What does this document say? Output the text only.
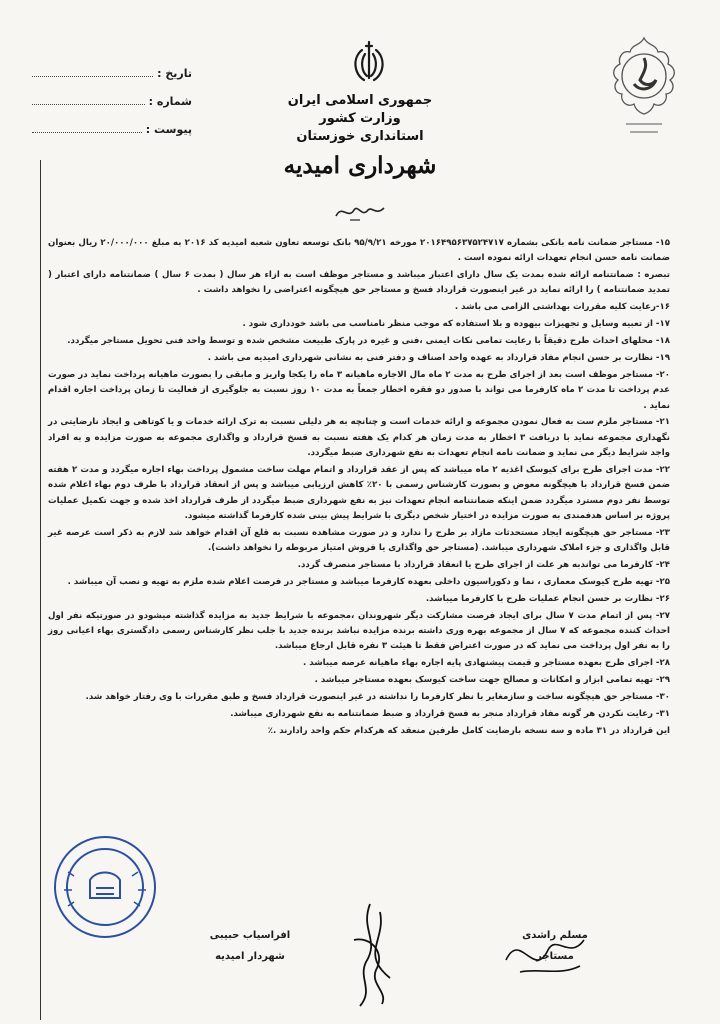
تاریخ :
شماره :
پیوست :
جمهوری اسلامی ایران
وزارت کشور
استانداری خوزستان
شهرداری امیدیه

۱۵- مستاجر ضمانت نامه بانکی بشماره ۲۰۱۶۴۹۵۶۳۷۵۲۴۷۱۷ مورخه ۹۵/۹/۲۱ بانک توسعه تعاون شعبه امیدیه کد ۲۰۱۶ به مبلغ ۲۰/۰۰۰/۰۰۰ ریال بعنوان ضمانت نامه حسن انجام تعهدات ارائه نموده است .

تبصره : ضمانتنامه ارائه شده بمدت یک سال دارای اعتبار میباشد و مستاجر موظف است به ازاء هر سال ( بمدت ۶ سال ) ضمانتنامه دارای اعتبار ( تمدید ضمانتنامه ) را ارائه نماید در غیر اینصورت قرارداد فسخ و مستاجر حق هیچگونه اعتراضی را نخواهد داشت .

۱۶-رعایت کلیه مقررات بهداشتی الزامی می باشد .

۱۷- از تعبیه وسایل و تجهیزات بیهوده و بلا استفاده که موجب منظر نامناسب می باشد خودداری شود .

۱۸- محلهای احداث طرح دقیقاً با رعایت تمامی نکات ایمنی ،فنی و غیره در پارک طبیعت مشخص شده و توسط واحد فنی تحویل مستاجر میگردد.

۱۹- نظارت بر حسن انجام مفاد قرارداد به عهده واحد اصناف و دفتر فنی به نشانی شهرداری امیدیه می باشد .

۲۰- مستاجر موظف است بعد از اجرای طرح به مدت ۲ ماه مال الاجاره ماهیانه ۳ ماه را یکجا واریز و مابقی را بصورت ماهیانه پرداخت نماید در صورت عدم پرداخت تا مدت ۲ ماه کارفرما می تواند با صدور دو فقره اخطار جمعاً به مدت ۱۰ روز نسبت به جلوگیری از فعالیت تا زمان پرداخت اجاره اقدام نماید .

۲۱- مستاجر ملزم ست به فعال نمودن مجموعه و ارائه خدمات است و چنانچه به هر دلیلی نسبت به ترک ارائه خدمات و یا کوتاهی و ایجاد نارضایتی در نگهداری مجموعه نماید با دریافت ۳ اخطار به مدت زمان هر کدام یک هفته نسبت به فسخ قرارداد و واگذاری مجموعه به صورت مزایده و به افراد واجد شرایط دیگر می نماید و ضمانت نامه انجام تعهدات به نفع شهرداری ضبط میگردد.

۲۲- مدت اجرای طرح برای کیوسک اغذیه ۲ ماه میباشد که پس از عقد قرارداد و اتمام مهلت ساخت مشمول پرداخت بهاء اجاره میگردد و مدت ۲ هفته ضمن فسخ قرارداد با هیچگونه معوض و بصورت کارشناس رسمی با ۲۰٪ کاهش ارزیابی میباشد و پس از انعقاد قرارداد با طرف دوم بهاء اعلام شده توسط نفر دوم مسترد میگردد ضمن اینکه ضمانتنامه انجام تعهدات نیز به نفع شهرداری ضبط میگردد از طرف قرارداد اخذ شده و جهت تکمیل عملیات پروژه بر اساس هدفمندی به صورت مزایده در اختیار شخص دیگری با شرایط پیش بینی شده کارفرما گذاشته میشود.

۲۳- مستاجر حق هیچگونه ایجاد مستحدثات مازاد بر طرح را ندارد و در صورت مشاهده نسبت به قلع آن اقدام خواهد شد لازم به ذکر است عرصه غیر قابل واگذاری و جزء املاک شهرداری میباشد. (مستاجر حق واگذاری یا فروش امتیاز مربوطه را نخواهد داشت).

۲۴- کارفرما می تواندبه هر علت از اجرای طرح یا انعقاد قرارداد با مستاجر منصرف گردد.

۲۵- تهیه طرح کیوسک معماری ، نما و دکوراسیون داخلی بعهده کارفرما میباشد و مستاجر در فرصت اعلام شده ملزم به تهیه و نصب آن میباشد .

۲۶- نظارت بر حسن انجام عملیات طرح با کارفرما میباشد.

۲۷- پس از اتمام مدت ۷ سال برای ایجاد فرصت مشارکت دیگر شهروندان ،مجموعه با شرایط جدید به مزایده گذاشته میشودو در صورتیکه نفر اول احداث کننده مجموعه که ۷ سال از مجموعه بهره وری داشته برنده مزایده نباشد برنده جدید با جلب نظر کارشناس رسمی دادگستری بهاء اعیانی روز را به نفر اول پرداخت می نماید که در صورت اعتراض فقط تا هیئت ۳ نفره قابل ارجاع میباشد.

۲۸- اجرای طرح بعهده مستاجر و قیمت پیشنهادی پایه اجاره بهاء ماهیانه عرصه میباشد .

۲۹- تهیه تمامی ابزار و امکانات و مصالح جهت ساخت کیوسک بعهده مستاجر میباشد .

۳۰- مستاجر حق هیچگونه ساخت و سازمغایر با نظر کارفرما را نداشته در غیر اینصورت قرارداد فسخ و طبق مقررات با وی رفتار خواهد شد.

۳۱- رعایت نکردن هر گونه مفاد قرارداد منجر به فسخ قرارداد و ضبط ضمانتنامه به نفع شهرداری میباشد.

این قرارداد در ۳۱ ماده و سه نسخه بارضایت کامل طرفین منعقد که هرکدام حکم واحد رادارند .٪

افراسیاب حبیبی
شهردار امیدیه
مسلم راشدی
مستاجر
